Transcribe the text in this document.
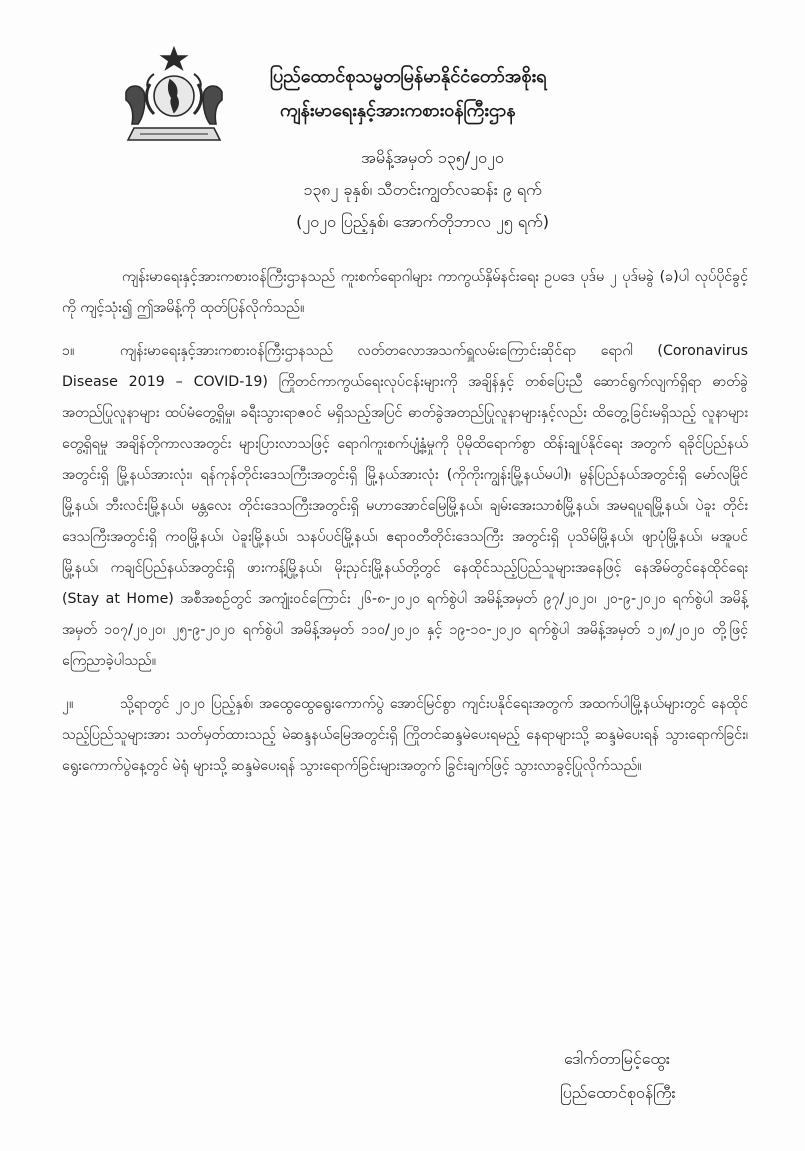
ပြည်ထောင်စုသမ္မတမြန်မာနိုင်ငံတော်အစိုးရ
ကျန်းမာရေးနှင့်အားကစားဝန်ကြီးဌာန
အမိန့်အမှတ် ၁၃၅/၂၀၂၀
၁၃၈၂ ခုနှစ်၊ သီတင်းကျွတ်လဆန်း ၉ ရက်
(၂၀၂၀ ပြည့်နှစ်၊ အောက်တိုဘာလ ၂၅ ရက်)

ကျန်းမာရေးနှင့်အားကစားဝန်ကြီးဌာနသည် ကူးစက်ရောဂါများ ကာကွယ်နှိမ်နင်းရေး ဥပဒေ ပုဒ်မ ၂ ပုဒ်မခွဲ (ခ)ပါ လုပ်ပိုင်ခွင့်ကို ကျင့်သုံး၍ ဤအမိန့်ကို ထုတ်ပြန်လိုက်သည်။

၁။	ကျန်းမာရေးနှင့်အားကစားဝန်ကြီးဌာနသည် လတ်တလောအသက်ရှူလမ်းကြောင်းဆိုင်ရာ ရောဂါ (Coronavirus Disease 2019 – COVID-19) ကြိုတင်ကာကွယ်ရေးလုပ်ငန်းများကို အချိန်နှင့် တစ်ပြေးညီ ဆောင်ရွက်လျက်ရှိရာ ဓာတ်ခွဲအတည်ပြုလူနာများ ထပ်မံတွေ့ရှိမှု၊ ခရီးသွားရာဇဝင် မရှိသည့်အပြင် ဓာတ်ခွဲအတည်ပြုလူနာများနှင့်လည်း ထိတွေ့ခြင်းမရှိသည့် လူနာများတွေ့ရှိရမှု အချိန်တိုကာလအတွင်း များပြားလာသဖြင့် ရောဂါကူးစက်ပျံ့နှံ့မှုကို ပိုမိုထိရောက်စွာ ထိန်းချုပ်နိုင်ရေး အတွက် ရခိုင်ပြည်နယ်အတွင်းရှိ မြို့နယ်အားလုံး၊ ရန်ကုန်တိုင်းဒေသကြီးအတွင်းရှိ မြို့နယ်အားလုံး (ကိုကိုးကျွန်းမြို့နယ်မပါ)၊ မွန်ပြည်နယ်အတွင်းရှိ မော်လမြိုင်မြို့နယ်၊ ဘီးလင်းမြို့နယ်၊ မန္တလေး တိုင်းဒေသကြီးအတွင်းရှိ မဟာအောင်မြေမြို့နယ်၊ ချမ်းအေးသာစံမြို့နယ်၊ အမရပူရမြို့နယ်၊ ပဲခူး တိုင်းဒေသကြီးအတွင်းရှိ ကဝမြို့နယ်၊ ပဲခူးမြို့နယ်၊ သနပ်ပင်မြို့နယ်၊ ဧရာဝတီတိုင်းဒေသကြီး အတွင်းရှိ ပုသိမ်မြို့နယ်၊ ဖျာပုံမြို့နယ်၊ မအူပင်မြို့နယ်၊ ကချင်ပြည်နယ်အတွင်းရှိ ဖားကန့်မြို့နယ်၊ မိုးညှင်းမြို့နယ်တို့တွင် နေထိုင်သည့်ပြည်သူများအနေဖြင့် နေအိမ်တွင်နေထိုင်ရေး (Stay at Home) အစီအစဉ်တွင် အကျုံးဝင်ကြောင်း ၂၆-၈-၂၀၂၀ ရက်စွဲပါ အမိန့်အမှတ် ၉၇/၂၀၂၀၊ ၂၀-၉-၂၀၂၀ ရက်စွဲပါ အမိန့်အမှတ် ၁၀၇/၂၀၂၀၊ ၂၅-၉-၂၀၂၀ ရက်စွဲပါ အမိန့်အမှတ် ၁၁၀/၂၀၂၀ နှင့် ၁၉-၁၀-၂၀၂၀ ရက်စွဲပါ အမိန့်အမှတ် ၁၂၈/၂၀၂၀ တို့ဖြင့် ကြေညာခဲ့ပါသည်။

၂။	သို့ရာတွင် ၂၀၂၀ ပြည့်နှစ်၊ အထွေထွေရွေးကောက်ပွဲ အောင်မြင်စွာ ကျင်းပနိုင်ရေးအတွက် အထက်ပါမြို့နယ်များတွင် နေထိုင်သည့်ပြည်သူများအား သတ်မှတ်ထားသည့် မဲဆန္ဒနယ်မြေအတွင်းရှိ ကြိုတင်ဆန္ဒမဲပေးရမည့် နေရာများသို့ ဆန္ဒမဲပေးရန် သွားရောက်ခြင်း၊ ရွေးကောက်ပွဲနေ့တွင် မဲရုံ များသို့ ဆန္ဒမဲပေးရန် သွားရောက်ခြင်းများအတွက် ခြွင်းချက်ဖြင့် သွားလာခွင့်ပြုလိုက်သည်။

ဒေါက်တာမြင့်ထွေး
ပြည်ထောင်စုဝန်ကြီး
